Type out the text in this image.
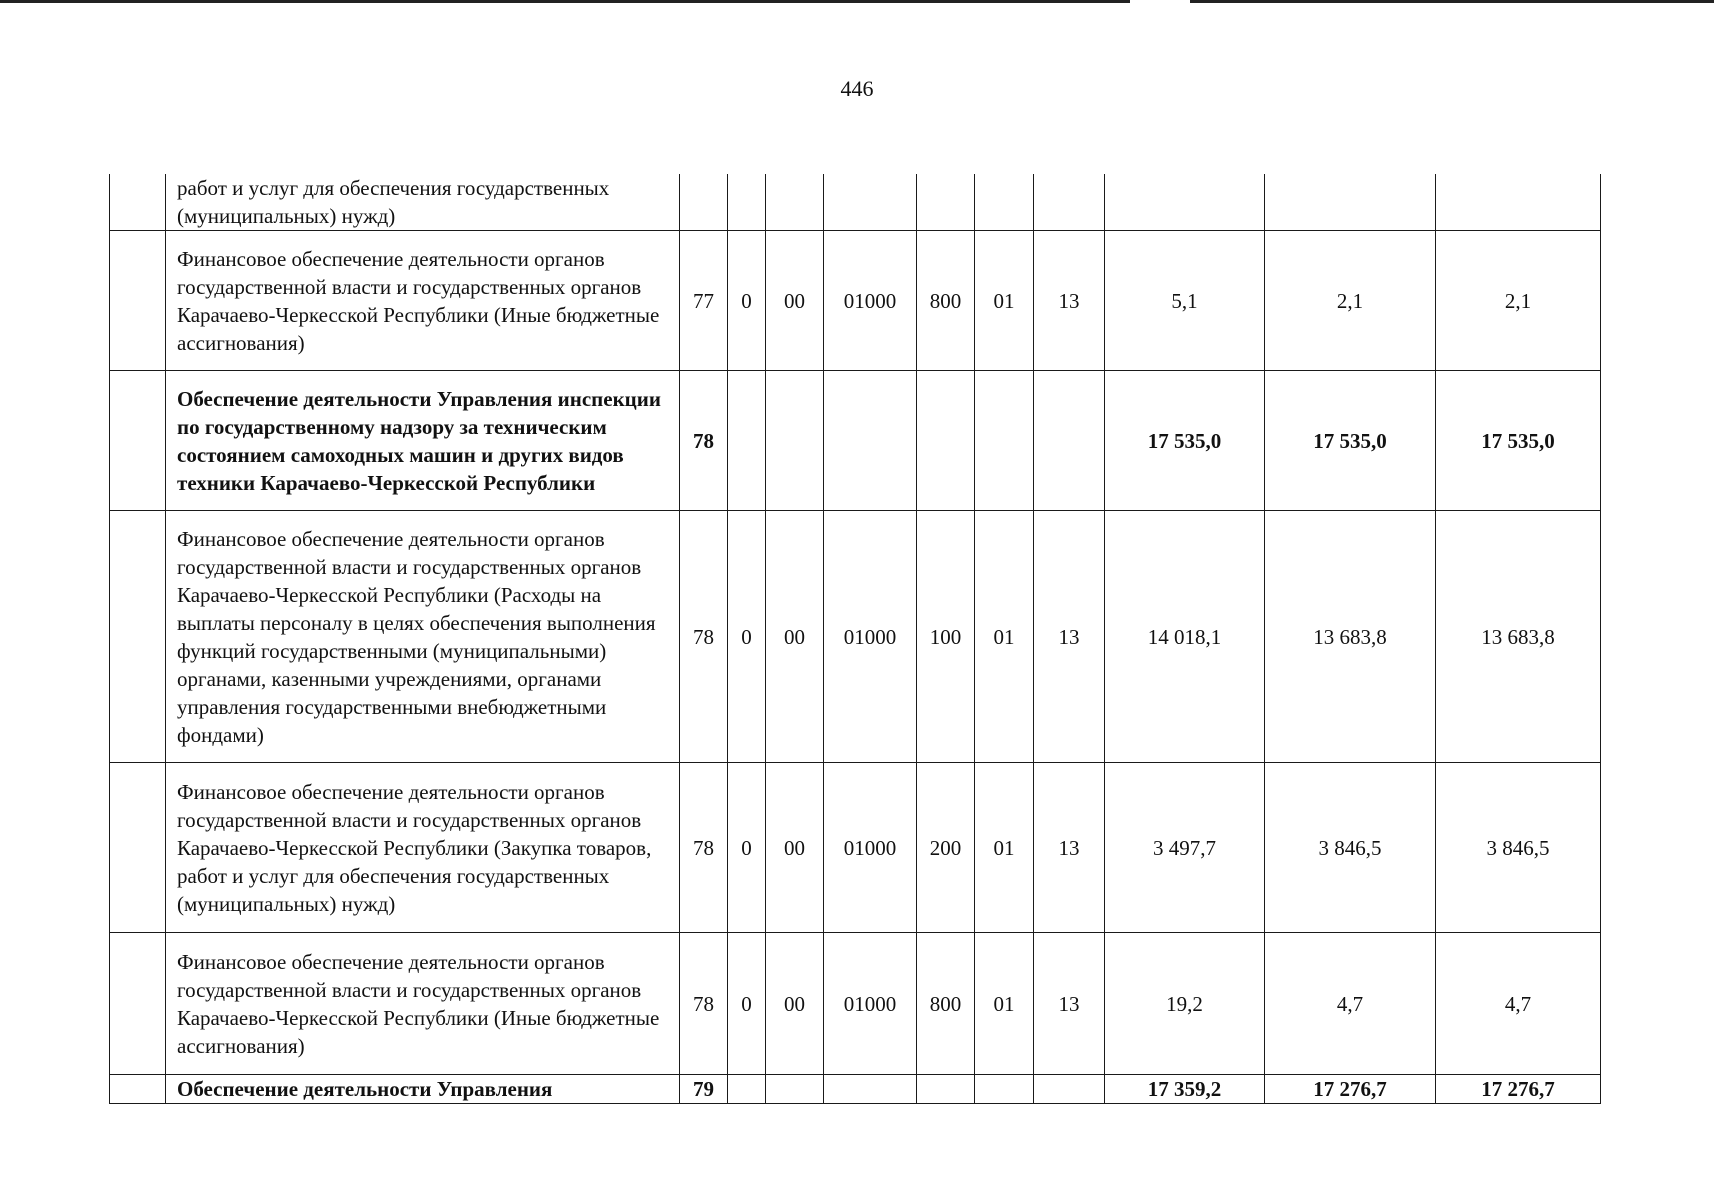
446
	работ и услуг для обеспечения государственных (муниципальных) нужд)										
	Финансовое обеспечение деятельности органов государственной власти и государственных органов Карачаево-Черкесской Республики (Иные бюджетные ассигнования)	77	0	00	01000	800	01	13	5,1	2,1	2,1
	Обеспечение деятельности Управления инспекции по государственному надзору за техническим состоянием самоходных машин и других видов техники Карачаево-Черкесской Республики	78							17 535,0	17 535,0	17 535,0
	Финансовое обеспечение деятельности органов государственной власти и государственных органов Карачаево-Черкесской Республики (Расходы на выплаты персоналу в целях обеспечения выполнения функций государственными (муниципальными) органами, казенными учреждениями, органами управления государственными внебюджетными фондами)	78	0	00	01000	100	01	13	14 018,1	13 683,8	13 683,8
	Финансовое обеспечение деятельности органов государственной власти и государственных органов Карачаево-Черкесской Республики (Закупка товаров, работ и услуг для обеспечения государственных (муниципальных) нужд)	78	0	00	01000	200	01	13	3 497,7	3 846,5	3 846,5
	Финансовое обеспечение деятельности органов государственной власти и государственных органов Карачаево-Черкесской Республики (Иные бюджетные ассигнования)	78	0	00	01000	800	01	13	19,2	4,7	4,7
	Обеспечение деятельности Управления	79							17 359,2	17 276,7	17 276,7
